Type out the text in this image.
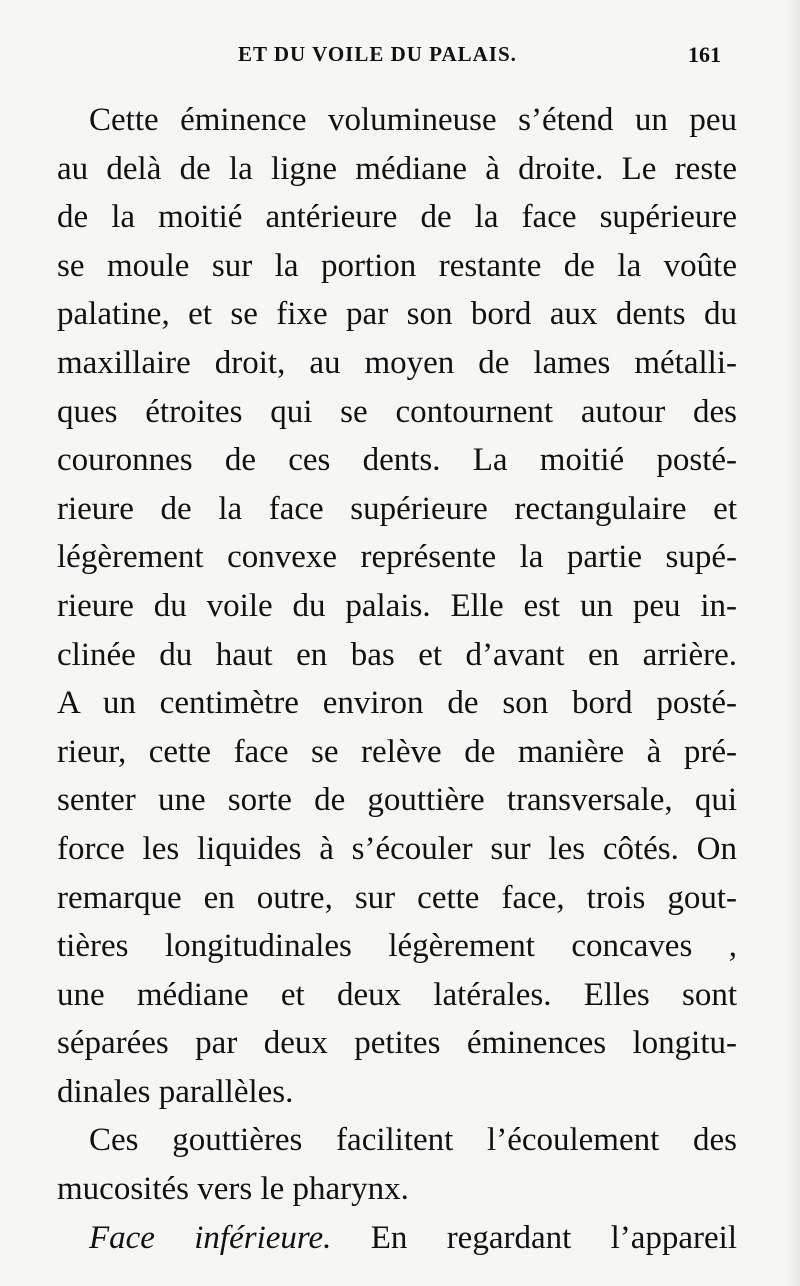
ET DU VOILE DU PALAIS.	161
Cette éminence volumineuse s’étend un peu
au delà de la ligne médiane à droite. Le reste
de la moitié antérieure de la face supérieure
se moule sur la portion restante de la voûte
palatine, et se fixe par son bord aux dents du
maxillaire droit, au moyen de lames métalli-
ques étroites qui se contournent autour des
couronnes de ces dents. La moitié posté-
rieure de la face supérieure rectangulaire et
légèrement convexe représente la partie supé-
rieure du voile du palais. Elle est un peu in-
clinée du haut en bas et d’avant en arrière.
A un centimètre environ de son bord posté-
rieur, cette face se relève de manière à pré-
senter une sorte de gouttière transversale, qui
force les liquides à s’écouler sur les côtés. On
remarque en outre, sur cette face, trois gout-
tières longitudinales légèrement concaves ,
une médiane et deux latérales. Elles sont
séparées par deux petites éminences longitu-
dinales parallèles.
Ces gouttières facilitent l’écoulement des
mucosités vers le pharynx.
Face inférieure. En regardant l’appareil
